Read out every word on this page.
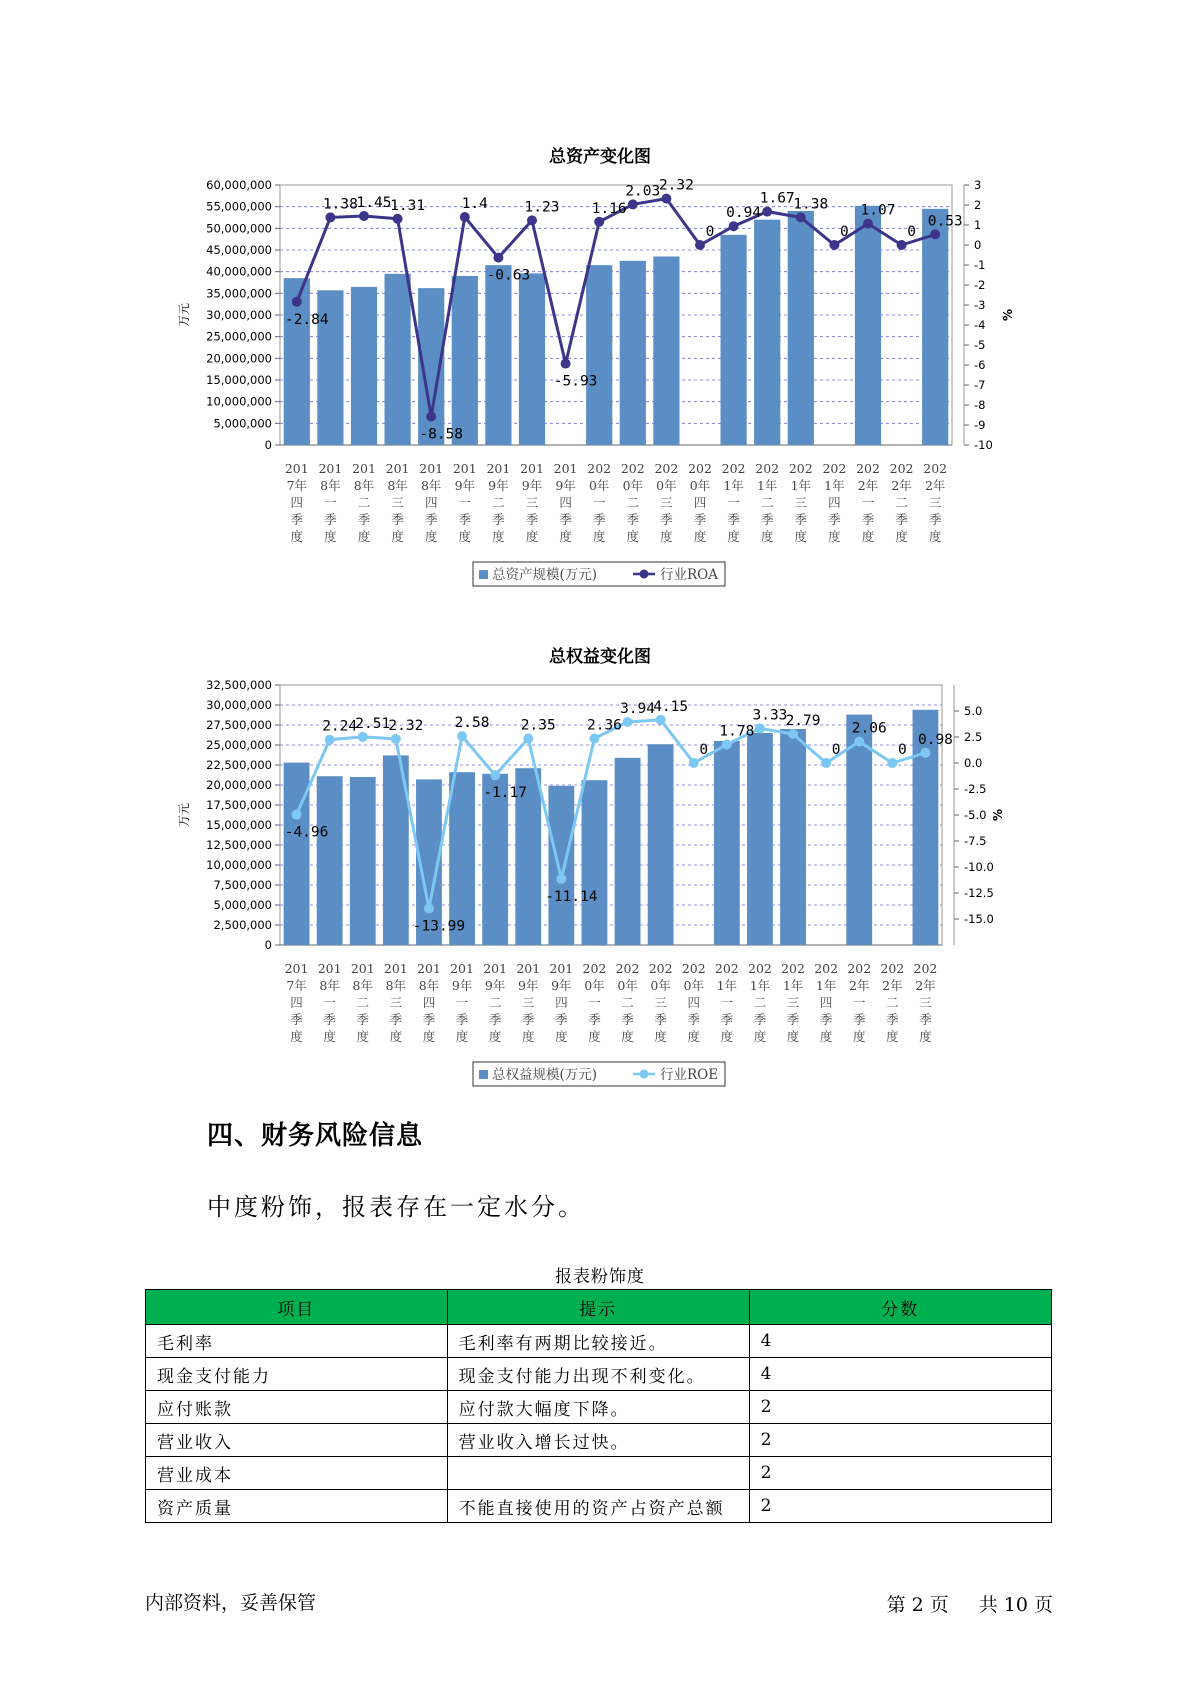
总资产变化图
0
5,000,000
10,000,000
15,000,000
20,000,000
25,000,000
30,000,000
35,000,000
40,000,000
45,000,000
50,000,000
55,000,000
60,000,000
-10
-9
-8
-7
-6
-5
-4
-3
-2
-1
0
1
2
3
万元	%
201
7年
四
季
度
201
8年
一
季
度
201
8年
二
季
度
201
8年
三
季
度
201
8年
四
季
度
201
9年
一
季
度
201
9年
二
季
度
201
9年
三
季
度
201
9年
四
季
度
202
0年
一
季
度
202
0年
二
季
度
202
0年
三
季
度
202
0年
四
季
度
202
1年
一
季
度
202
1年
二
季
度
202
1年
三
季
度
202
1年
四
季
度
202
2年
一
季
度
202
2年
二
季
度
202
2年
三
季
度
-2.84
1.38
1.45
1.31
-8.58
1.4
-0.63
1.23
-5.93
1.16
2.03
2.32
0
0.94
1.67
1.38
0
1.07
0
0.53
总资产规模(万元)	行业ROA
总权益变化图
0
2,500,000
5,000,000
7,500,000
10,000,000
12,500,000
15,000,000
17,500,000
20,000,000
22,500,000
25,000,000
27,500,000
30,000,000
32,500,000
-15.0
-12.5
-10.0
-7.5
-5.0
-2.5
0.0
2.5
5.0
万元	%
201
7年
四
季
度
201
8年
一
季
度
201
8年
二
季
度
201
8年
三
季
度
201
8年
四
季
度
201
9年
一
季
度
201
9年
二
季
度
201
9年
三
季
度
201
9年
四
季
度
202
0年
一
季
度
202
0年
二
季
度
202
0年
三
季
度
202
0年
四
季
度
202
1年
一
季
度
202
1年
二
季
度
202
1年
三
季
度
202
1年
四
季
度
202
2年
一
季
度
202
2年
二
季
度
202
2年
三
季
度
-4.96
2.24
2.51
2.32
-13.99
2.58
-1.17
2.35
-11.14
2.36
3.94
4.15
0
1.78
3.33
2.79
0
2.06
0
0.98
总权益规模(万元)	行业ROE
四、财务风险信息
中度粉饰，报表存在一定水分。
报表粉饰度
项目	提示	分数
毛利率	毛利率有两期比较接近。	4
现金支付能力	现金支付能力出现不利变化。	4
应付账款	应付款大幅度下降。	2
营业收入	营业收入增长过快。	2
营业成本		2
资产质量	不能直接使用的资产占资产总额	2
内部资料，妥善保管	第 2 页 共 10 页
